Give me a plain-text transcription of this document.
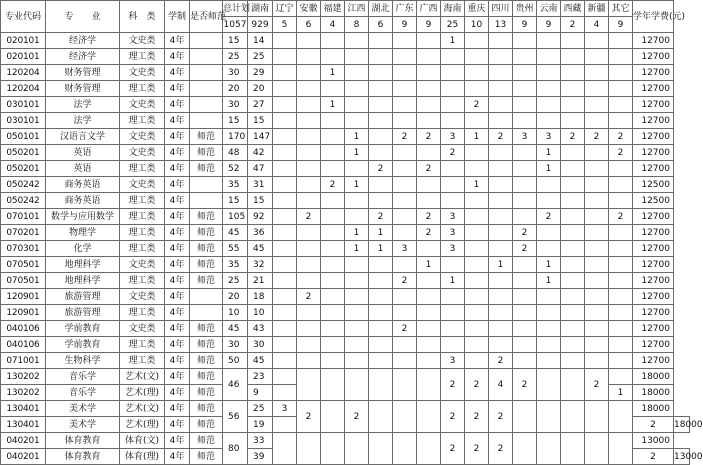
专业代码	专　　业	科　类	学制	是否师范	总计划	湖南	辽宁	安徽	福建	江西	湖北	广东	广西	海南	重庆	四川	贵州	云南	西藏	新疆	其它	学年学费(元)	
					1057	929	5	6	4	8	6	9	9	25	10	13	9	9	2	4	9		
020101	经济学	文史类	4年		15	14								1								12700	
020101	经济学	理工类	4年		25	25																12700	
120204	财务管理	文史类	4年		30	29			1													12700	
120204	财务管理	理工类	4年		20	20																12700	
030101	法学	文史类	4年		30	27			1						2							12700	
030101	法学	理工类	4年		15	15																12700	
050101	汉语言文学	文史类	4年	师范	170	147				1		2	2	3	1	2	3	3	2	2	2	12700	
050201	英语	文史类	4年	师范	48	42				1				2				1			2	12700	
050201	英语	理工类	4年	师范	52	47					2		2					1				12700	
050242	商务英语	文史类	4年		35	31			2	1					1							12500	
050242	商务英语	理工类	4年		15	15																12500	
070101	数学与应用数学	理工类	4年	师范	105	92		2			2		2	3				2			2	12700	
070201	物理学	理工类	4年	师范	45	36				1	1		2	3			2					12700	
070301	化学	理工类	4年	师范	55	45				1	1	3		3			2					12700	
070501	地理科学	文史类	4年	师范	35	32							1			1		1				12700	
070501	地理科学	理工类	4年	师范	25	21						2		1				1				12700	
120901	旅游管理	文史类	4年		20	18		2														12700	
120901	旅游管理	理工类	4年		10	10																12700	
040106	学前教育	文史类	4年	师范	45	43						2										12700	
040106	学前教育	理工类	4年	师范	30	30																12700	
071001	生物科学	理工类	4年	师范	50	45								3		2						12700	
130202	音乐学	艺术(文)	4年	师范	46	23								2	2	4	2			2		18000	
130202	音乐学	艺术(理)	4年	师范		9															1	18000	
130401	美术学	艺术(文)	4年	师范	56	25	3	2		2				2	2	2						18000	
130401	美术学	艺术(理)	4年	师范		19																2	18000
040201	体育教育	体育(文)	4年	师范	80	33								2	2	2						13000	
040201	体育教育	体育(理)	4年	师范		39																2	13000
